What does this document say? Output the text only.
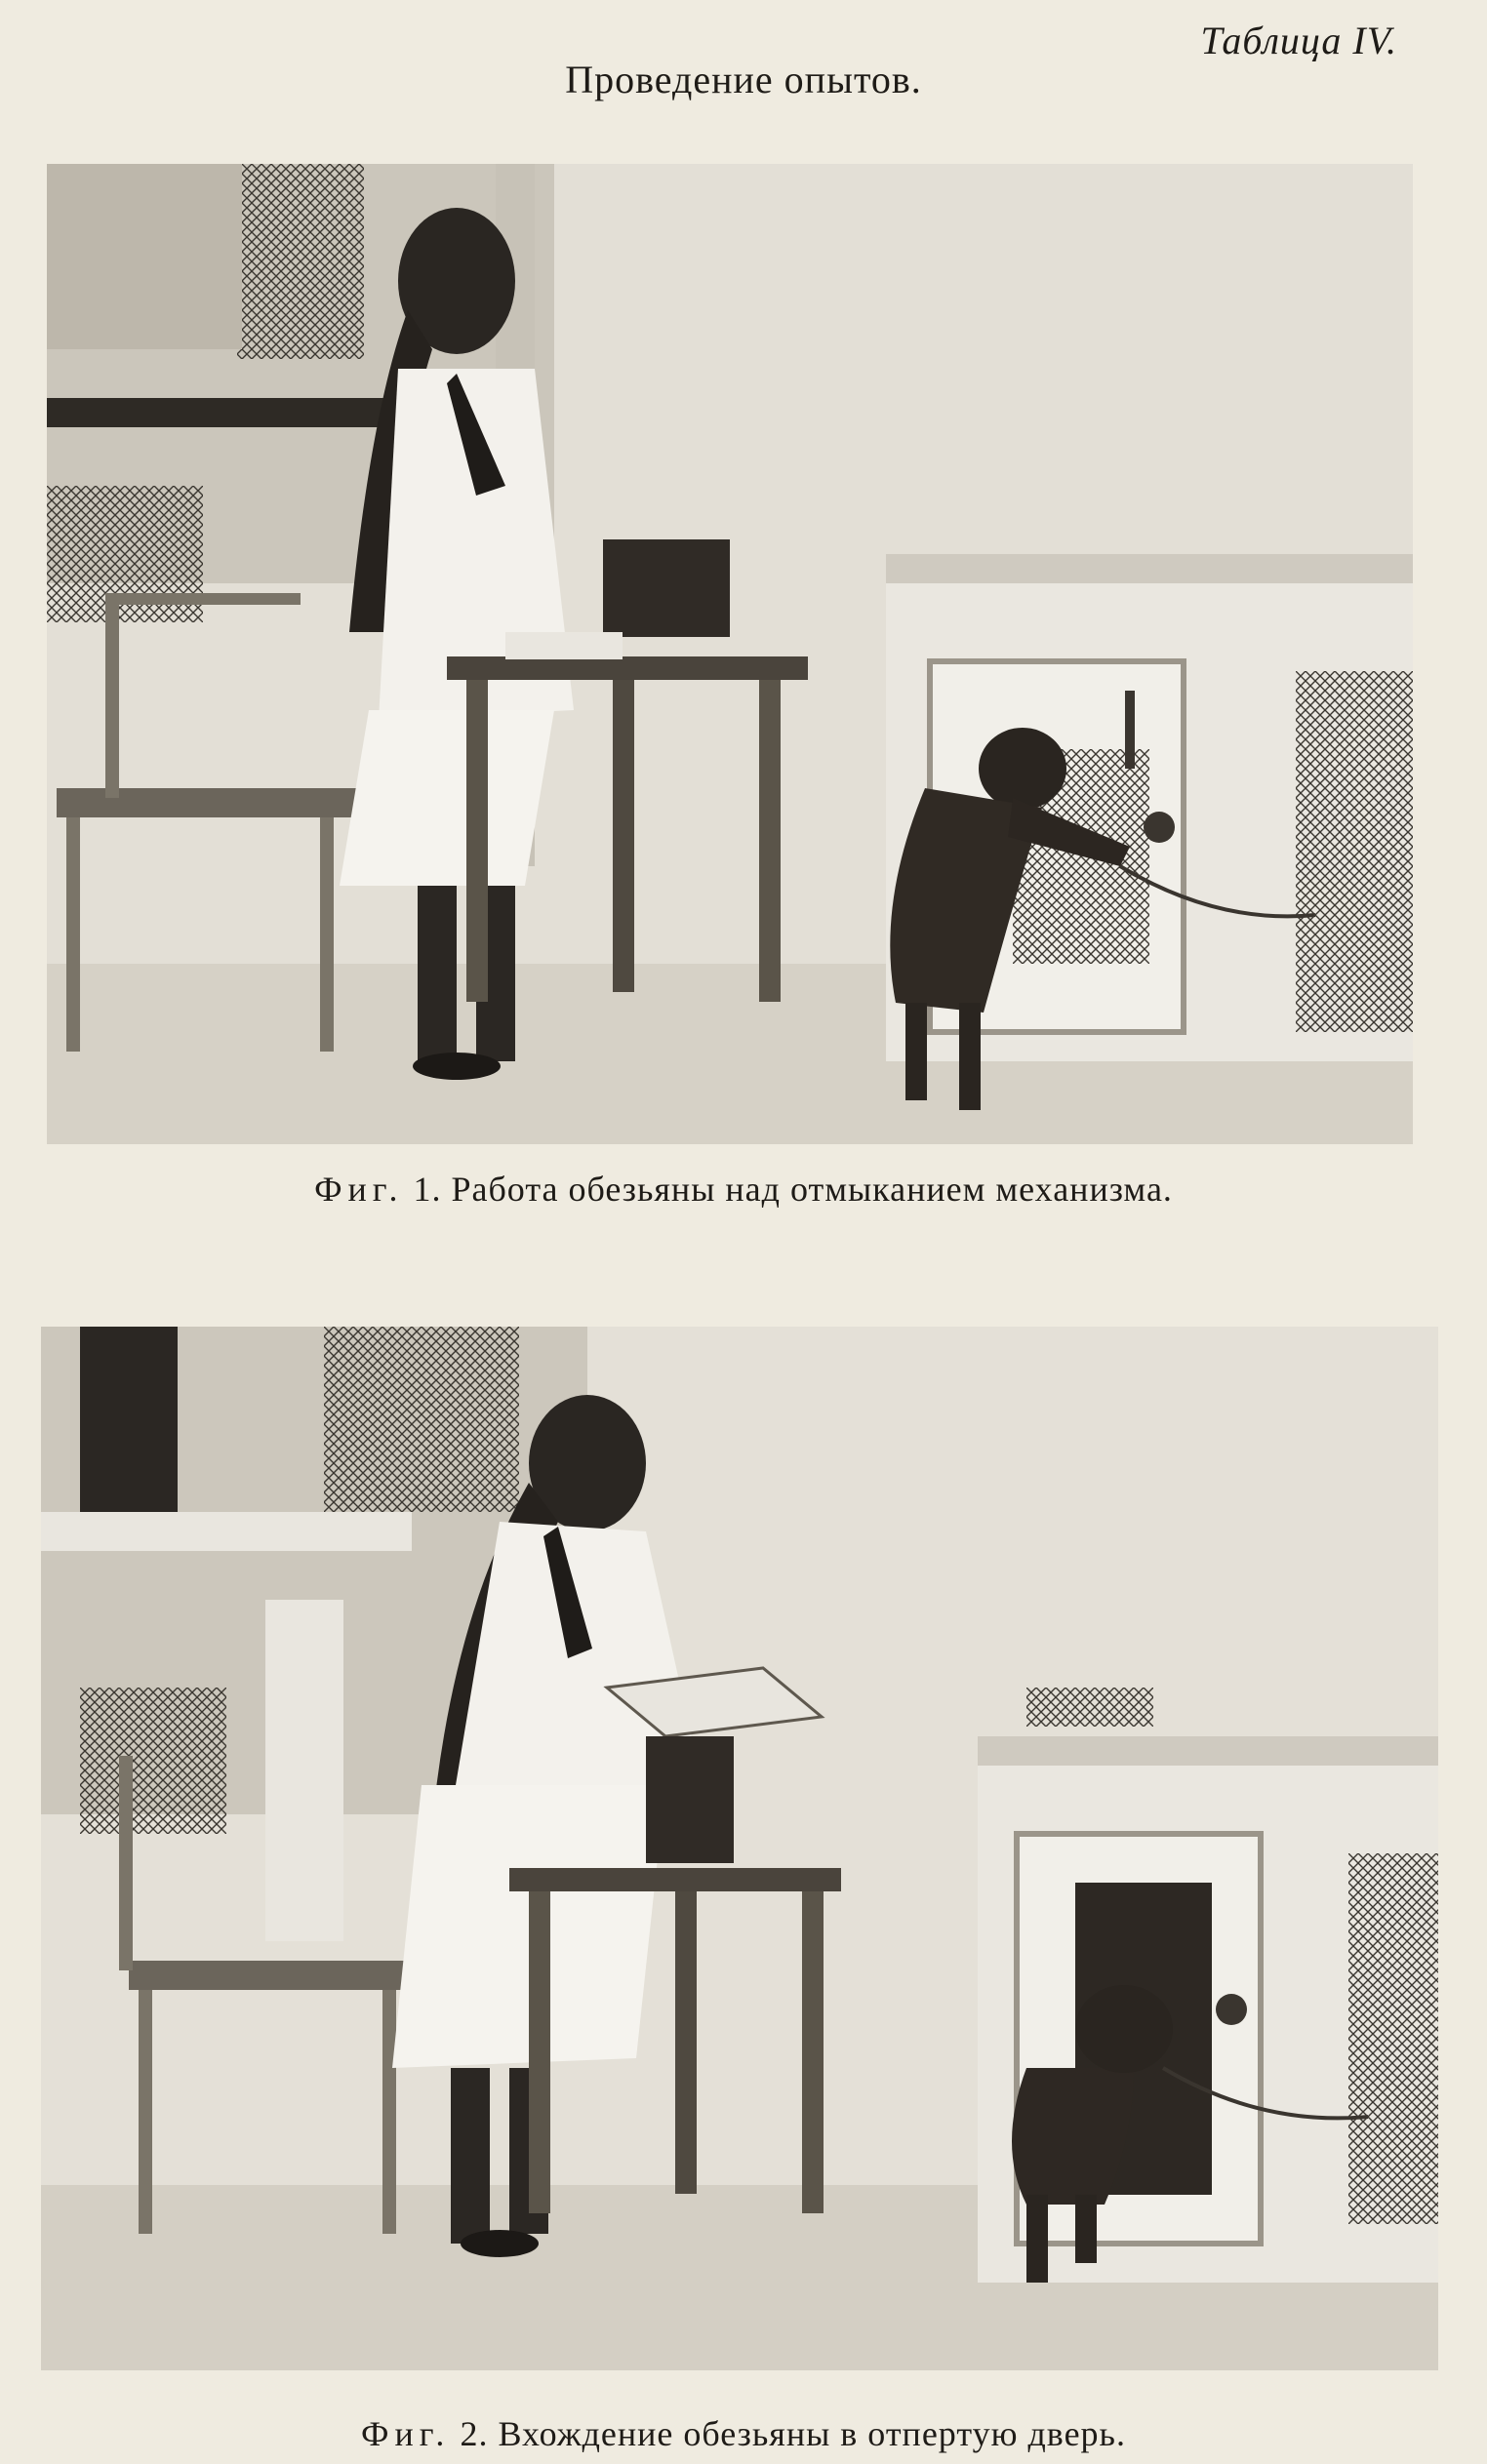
Таблица IV.
Проведение опытов.
Фиг. 1. Работа обезьяны над отмыканием механизма.
Фиг. 2. Вхождение обезьяны в отпертую дверь.
